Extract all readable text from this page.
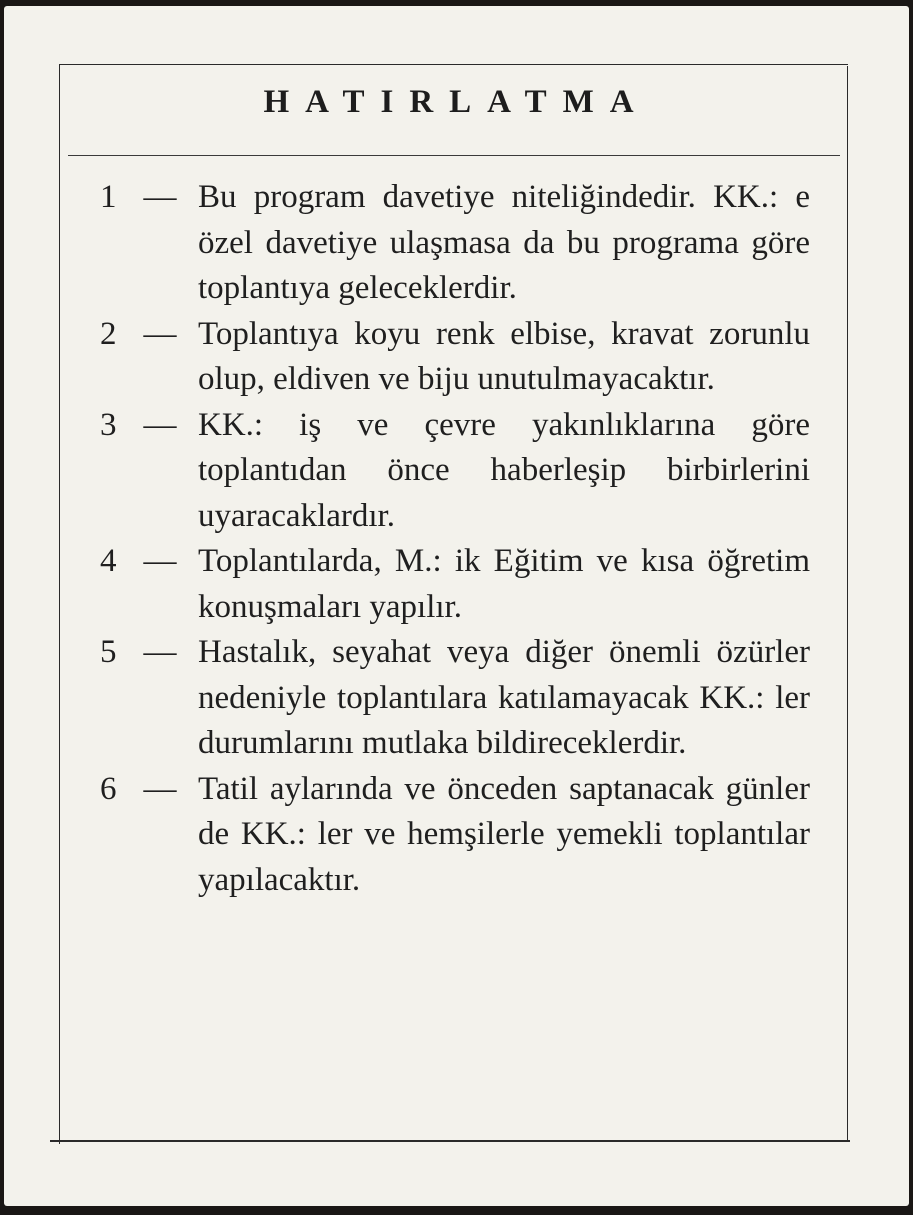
HATIRLATMA
1 — Bu program davetiye niteliğindedir. KK.: e özel davetiye ulaşmasa da bu programa göre toplantıya geleceklerdir.
2 — Toplantıya koyu renk elbise, kravat zorunlu olup, eldiven ve biju unutulmayacaktır.
3 — KK.: iş ve çevre yakınlıklarına göre toplantıdan önce haberleşip birbirlerini uyaracaklardır.
4 — Toplantılarda, M.: ik Eğitim ve kısa öğretim konuşmaları yapılır.
5 — Hastalık, seyahat veya diğer önemli özürler nedeniyle toplantılara katılamayacak KK.: ler durumlarını mutlaka bildireceklerdir.
6 — Tatil aylarında ve önceden saptanacak günler de KK.: ler ve hemşilerle yemekli toplantılar yapılacaktır.
